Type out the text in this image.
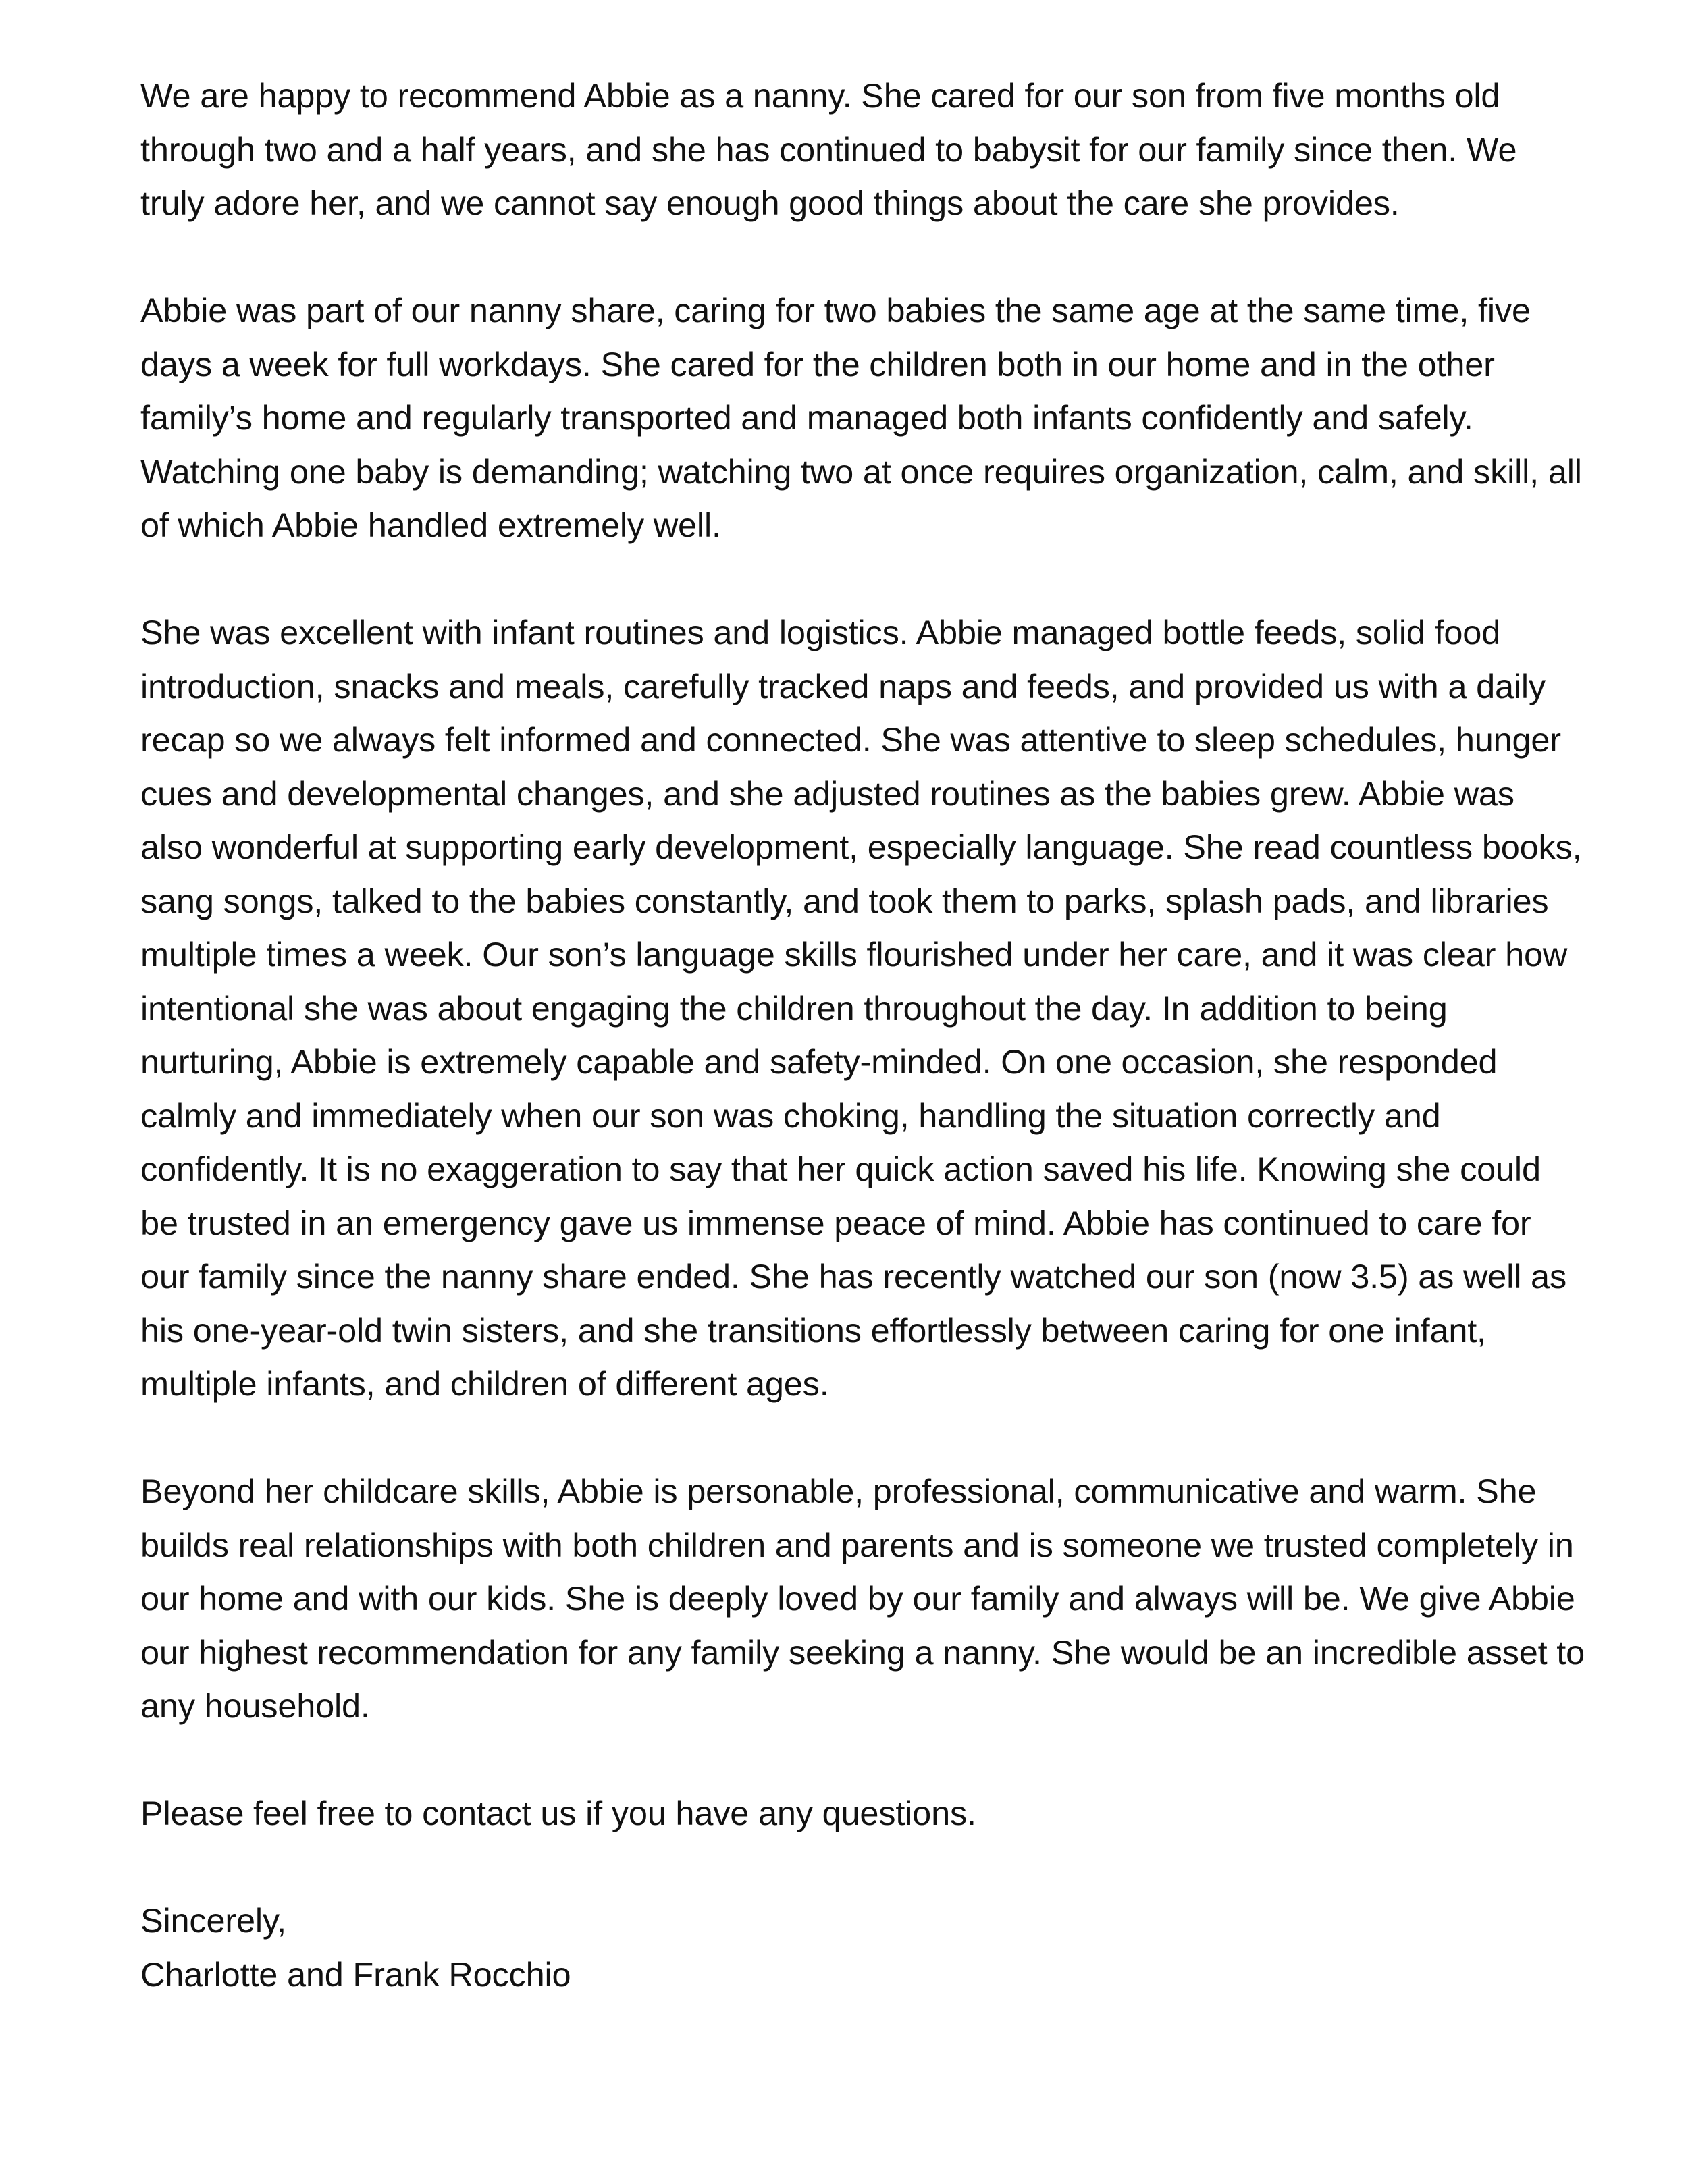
We are happy to recommend Abbie as a nanny. She cared for our son from five months old through two and a half years, and she has continued to babysit for our family since then. We truly adore her, and we cannot say enough good things about the care she provides.

Abbie was part of our nanny share, caring for two babies the same age at the same time, five days a week for full workdays. She cared for the children both in our home and in the other family’s home and regularly transported and managed both infants confidently and safely. Watching one baby is demanding; watching two at once requires organization, calm, and skill, all of which Abbie handled extremely well.

She was excellent with infant routines and logistics. Abbie managed bottle feeds, solid food introduction, snacks and meals, carefully tracked naps and feeds, and provided us with a daily recap so we always felt informed and connected. She was attentive to sleep schedules, hunger cues and developmental changes, and she adjusted routines as the babies grew. Abbie was also wonderful at supporting early development, especially language. She read countless books, sang songs, talked to the babies constantly, and took them to parks, splash pads, and libraries multiple times a week. Our son’s language skills flourished under her care, and it was clear how intentional she was about engaging the children throughout the day. In addition to being nurturing, Abbie is extremely capable and safety-minded. On one occasion, she responded calmly and immediately when our son was choking, handling the situation correctly and confidently. It is no exaggeration to say that her quick action saved his life. Knowing she could be trusted in an emergency gave us immense peace of mind. Abbie has continued to care for our family since the nanny share ended. She has recently watched our son (now 3.5) as well as his one-year-old twin sisters, and she transitions effortlessly between caring for one infant, multiple infants, and children of different ages.

Beyond her childcare skills, Abbie is personable, professional, communicative and warm. She builds real relationships with both children and parents and is someone we trusted completely in our home and with our kids. She is deeply loved by our family and always will be. We give Abbie our highest recommendation for any family seeking a nanny. She would be an incredible asset to any household.

Please feel free to contact us if you have any questions.

Sincerely,

Charlotte and Frank Rocchio
